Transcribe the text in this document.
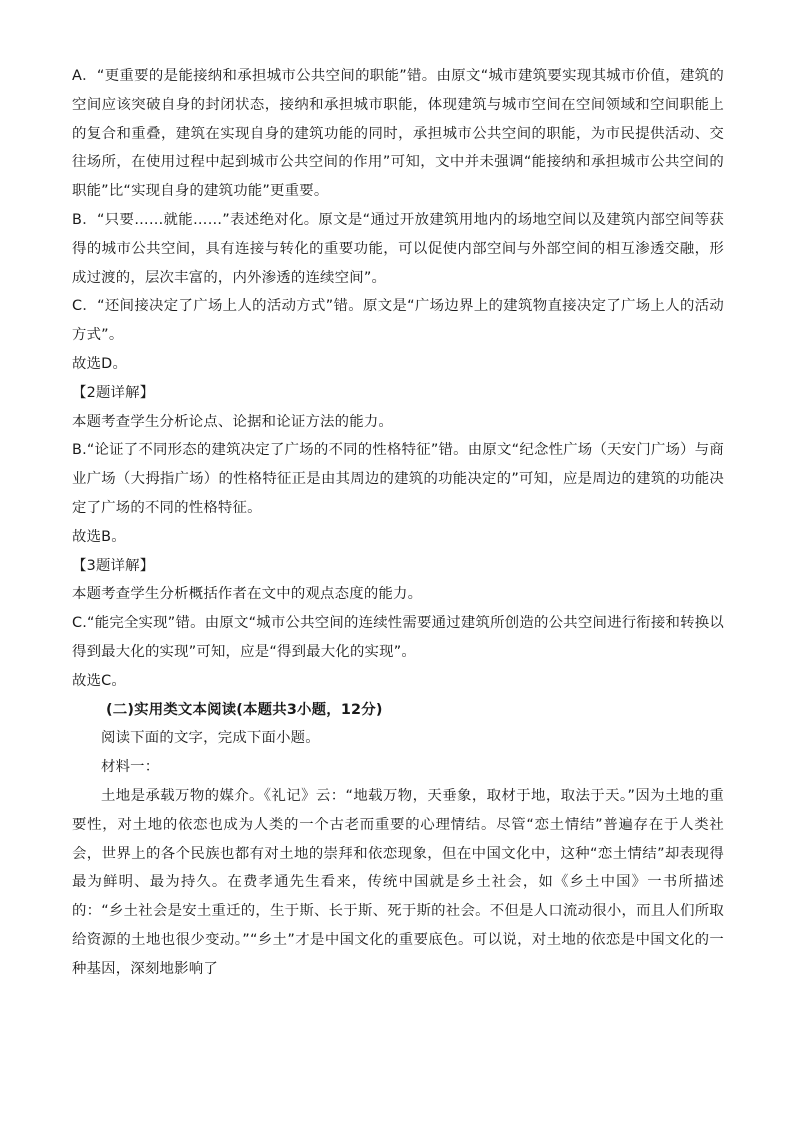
A．“更重要的是能接纳和承担城市公共空间的职能”错。由原文“城市建筑要实现其城市价值，建筑的空间应该突破自身的封闭状态，接纳和承担城市职能，体现建筑与城市空间在空间领域和空间职能上的复合和重叠，建筑在实现自身的建筑功能的同时，承担城市公共空间的职能，为市民提供活动、交往场所，在使用过程中起到城市公共空间的作用”可知，文中并未强调“能接纳和承担城市公共空间的职能”比“实现自身的建筑功能”更重要。

B．“只要……就能……”表述绝对化。原文是“通过开放建筑用地内的场地空间以及建筑内部空间等获得的城市公共空间，具有连接与转化的重要功能，可以促使内部空间与外部空间的相互渗透交融，形成过渡的，层次丰富的，内外渗透的连续空间”。

C．“还间接决定了广场上人的活动方式”错。原文是“广场边界上的建筑物直接决定了广场上人的活动方式”。

故选D。

【2题详解】

本题考查学生分析论点、论据和论证方法的能力。

B.“论证了不同形态的建筑决定了广场的不同的性格特征”错。由原文“纪念性广场（天安门广场）与商业广场（大拇指广场）的性格特征正是由其周边的建筑的功能决定的”可知，应是周边的建筑的功能决定了广场的不同的性格特征。

故选B。

【3题详解】

本题考查学生分析概括作者在文中的观点态度的能力。

C.“能完全实现”错。由原文“城市公共空间的连续性需要通过建筑所创造的公共空间进行衔接和转换以得到最大化的实现”可知，应是“得到最大化的实现”。

故选C。

(二)实用类文本阅读(本题共3小题，12分)

阅读下面的文字，完成下面小题。

材料一：

土地是承载万物的媒介。《礼记》云：“地载万物，天垂象，取材于地，取法于天。”因为土地的重要性，对土地的依恋也成为人类的一个古老而重要的心理情结。尽管“恋土情结”普遍存在于人类社会，世界上的各个民族也都有对土地的崇拜和依恋现象，但在中国文化中，这种“恋土情结”却表现得最为鲜明、最为持久。在费孝通先生看来，传统中国就是乡土社会，如《乡土中国》一书所描述的：“乡土社会是安土重迁的，生于斯、长于斯、死于斯的社会。不但是人口流动很小，而且人们所取给资源的土地也很少变动。”“乡土”才是中国文化的重要底色。可以说，对土地的依恋是中国文化的一种基因，深刻地影响了
